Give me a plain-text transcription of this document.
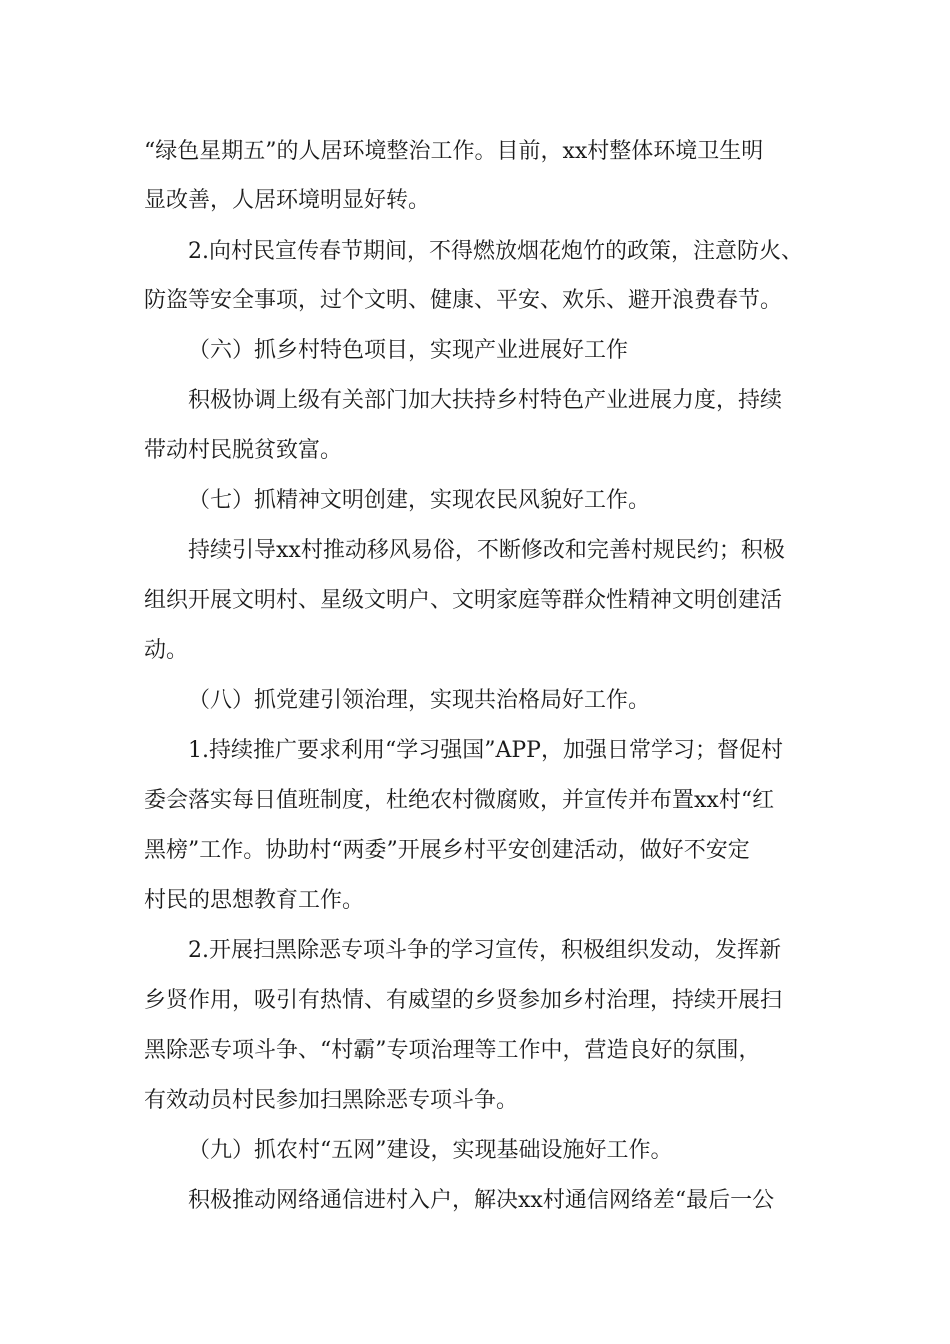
“绿色星期五”的人居环境整治工作。目前，xx村整体环境卫生明
显改善，人居环境明显好转。
2.向村民宣传春节期间，不得燃放烟花炮竹的政策，注意防火、
防盗等安全事项，过个文明、健康、平安、欢乐、避开浪费春节。
（六）抓乡村特色项目，实现产业进展好工作
积极协调上级有关部门加大扶持乡村特色产业进展力度，持续
带动村民脱贫致富。
（七）抓精神文明创建，实现农民风貌好工作。
持续引导xx村推动移风易俗，不断修改和完善村规民约；积极
组织开展文明村、星级文明户、文明家庭等群众性精神文明创建活
动。
（八）抓党建引领治理，实现共治格局好工作。
1.持续推广要求利用“学习强国”APP，加强日常学习；督促村
委会落实每日值班制度，杜绝农村微腐败，并宣传并布置xx村“红
黑榜”工作。协助村“两委”开展乡村平安创建活动，做好不安定
村民的思想教育工作。
2.开展扫黑除恶专项斗争的学习宣传，积极组织发动，发挥新
乡贤作用，吸引有热情、有威望的乡贤参加乡村治理，持续开展扫
黑除恶专项斗争、“村霸”专项治理等工作中，营造良好的氛围，
有效动员村民参加扫黑除恶专项斗争。
（九）抓农村“五网”建设，实现基础设施好工作。
积极推动网络通信进村入户，解决xx村通信网络差“最后一公
